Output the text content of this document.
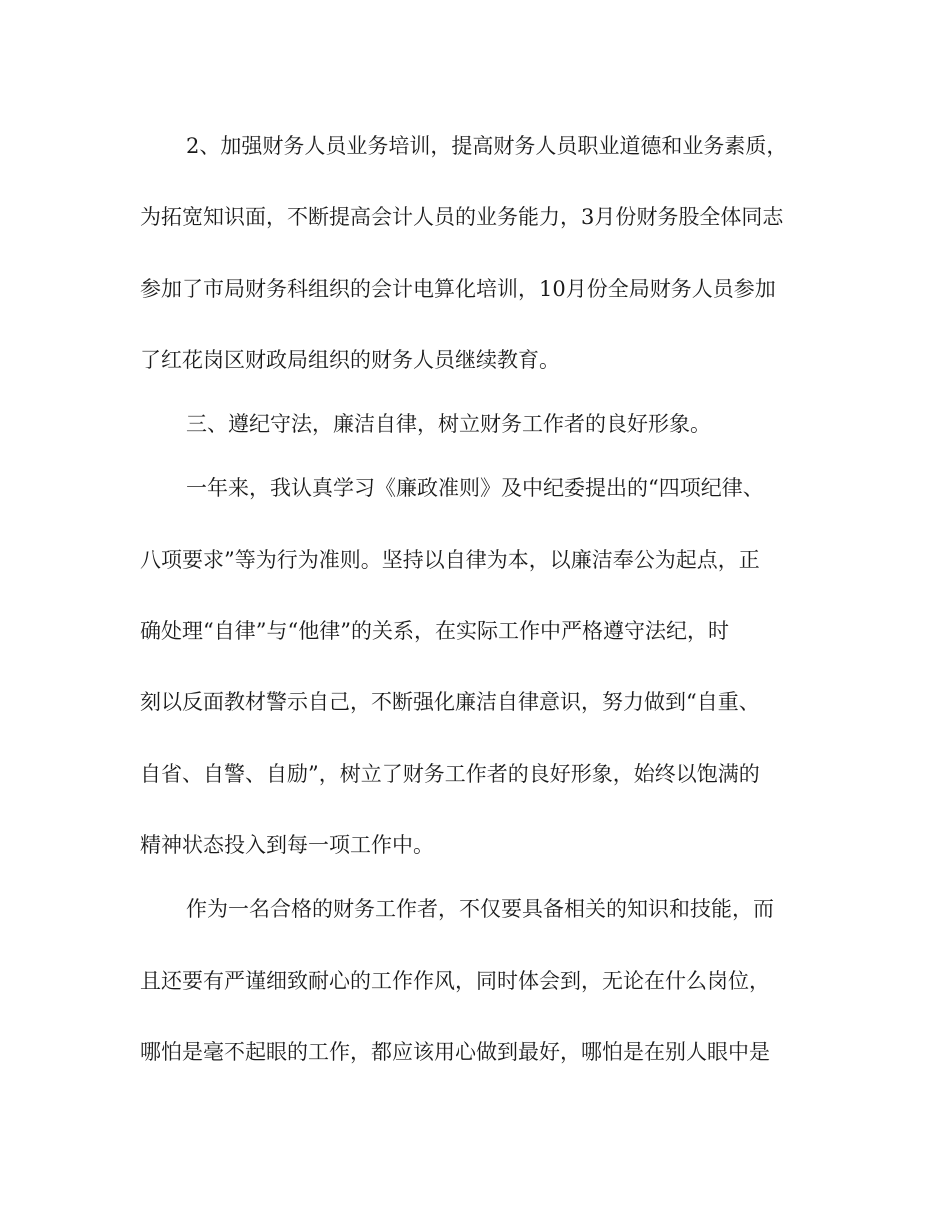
2、加强财务人员业务培训，提高财务人员职业道德和业务素质，

为拓宽知识面，不断提高会计人员的业务能力，3月份财务股全体同志

参加了市局财务科组织的会计电算化培训，10月份全局财务人员参加

了红花岗区财政局组织的财务人员继续教育。

三、遵纪守法，廉洁自律，树立财务工作者的良好形象。

一年来，我认真学习《廉政准则》及中纪委提出的“四项纪律、

八项要求”等为行为准则。坚持以自律为本，以廉洁奉公为起点，正

确处理“自律”与“他律”的关系，在实际工作中严格遵守法纪，时

刻以反面教材警示自己，不断强化廉洁自律意识，努力做到“自重、

自省、自警、自励”，树立了财务工作者的良好形象，始终以饱满的

精神状态投入到每一项工作中。

作为一名合格的财务工作者，不仅要具备相关的知识和技能，而

且还要有严谨细致耐心的工作作风，同时体会到，无论在什么岗位，

哪怕是毫不起眼的工作，都应该用心做到最好，哪怕是在别人眼中是
